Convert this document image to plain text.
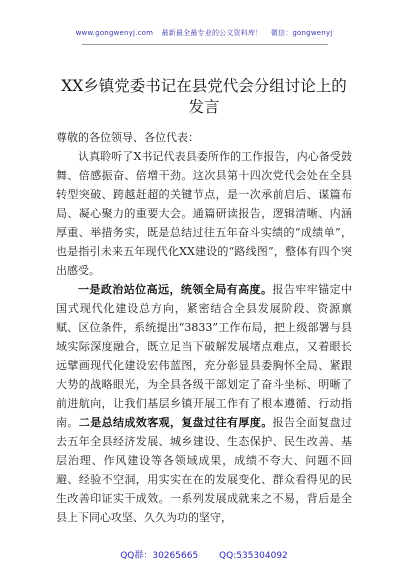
www.gongwenyj.com 最新最全最专业的公文资料库！ 微信：gongwenyj
XX乡镇党委书记在县党代会分组讨论上的发言

尊敬的各位领导、各位代表：

认真聆听了X书记代表县委所作的工作报告，内心备受鼓舞、倍感振奋、倍增干劲。这次县第十四次党代会处在全县转型突破、跨越赶超的关键节点，是一次承前启后、谋篇布局、凝心聚力的重要大会。通篇研读报告，逻辑清晰、内涵厚重、举措务实，既是总结过往五年奋斗实绩的“成绩单”，也是指引未来五年现代化XX建设的“路线图”，整体有四个突出感受。

一是政治站位高远，统领全局有高度。报告牢牢锚定中国式现代化建设总方向，紧密结合全县发展阶段、资源禀赋、区位条件，系统提出“3833”工作布局，把上级部署与县域实际深度融合，既立足当下破解发展堵点难点，又着眼长远擘画现代化建设宏伟蓝图，充分彰显县委胸怀全局、紧跟大势的战略眼光，为全县各级干部划定了奋斗坐标、明晰了前进航向，让我们基层乡镇开展工作有了根本遵循、行动指南。二是总结成效客观，复盘过往有厚度。报告全面复盘过去五年全县经济发展、城乡建设、生态保护、民生改善、基层治理、作风建设等各领域成果，成绩不夸大、问题不回避、经验不空洞，用实实在在的发展变化、群众看得见的民生改善印证实干成效。一系列发展成就来之不易，背后是全县上下同心攻坚、久久为功的坚守，

QQ群：30265665 QQ:535304092
